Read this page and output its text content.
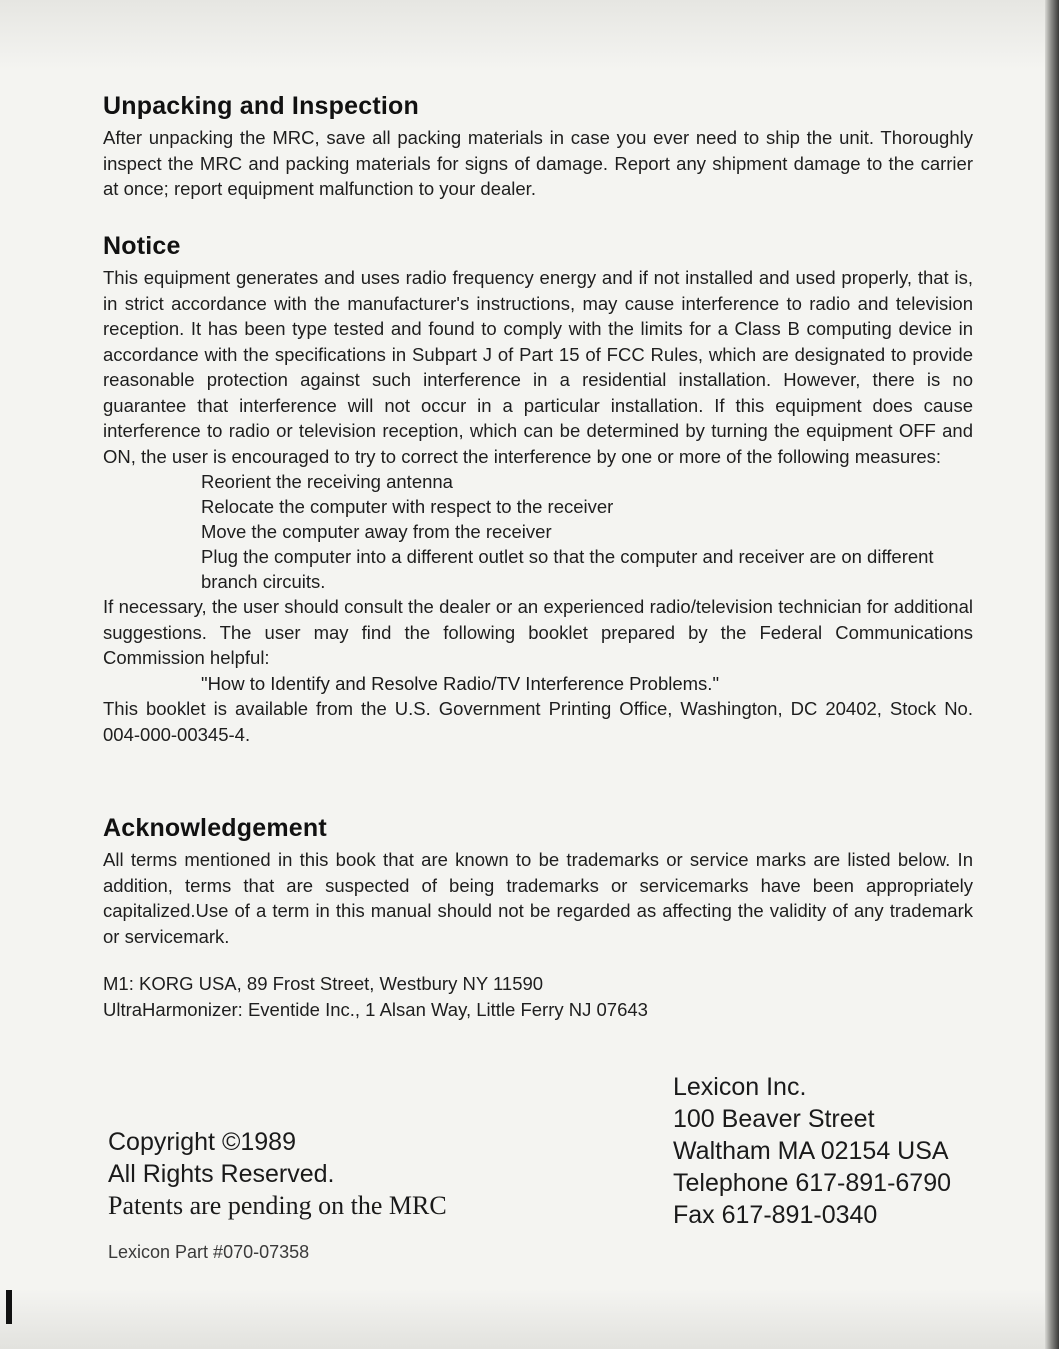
Unpacking and Inspection

After unpacking the MRC, save all packing materials in case you ever need to ship the unit. Thoroughly inspect the MRC and packing materials for signs of damage. Report any shipment damage to the carrier at once; report equipment malfunction to your dealer.

Notice

This equipment generates and uses radio frequency energy and if not installed and used properly, that is, in strict accordance with the manufacturer's instructions, may cause interference to radio and television reception. It has been type tested and found to comply with the limits for a Class B computing device in accordance with the specifications in Subpart J of Part 15 of FCC Rules, which are designated to provide reasonable protection against such interference in a residential installation. However, there is no guarantee that interference will not occur in a particular installation. If this equipment does cause interference to radio or television reception, which can be determined by turning the equipment OFF and ON, the user is encouraged to try to correct the interference by one or more of the following measures:

Reorient the receiving antenna
Relocate the computer with respect to the receiver
Move the computer away from the receiver
Plug the computer into a different outlet so that the computer and receiver are on different branch circuits.

If necessary, the user should consult the dealer or an experienced radio/television technician for additional suggestions. The user may find the following booklet prepared by the Federal Communications Commission helpful:

"How to Identify and Resolve Radio/TV Interference Problems."

This booklet is available from the U.S. Government Printing Office, Washington, DC 20402, Stock No. 004-000-00345-4.

Acknowledgement

All terms mentioned in this book that are known to be trademarks or service marks are listed below. In addition, terms that are suspected of being trademarks or servicemarks have been appropriately capitalized.Use of a term in this manual should not be regarded as affecting the validity of any trademark or servicemark.

M1: KORG USA, 89 Frost Street, Westbury NY 11590
UltraHarmonizer: Eventide Inc., 1 Alsan Way, Little Ferry NJ 07643
Copyright ©1989
All Rights Reserved.
Patents are pending on the MRC
Lexicon Part #070-07358
Lexicon Inc.
100 Beaver Street
Waltham MA 02154 USA
Telephone 617-891-6790
Fax 617-891-0340
